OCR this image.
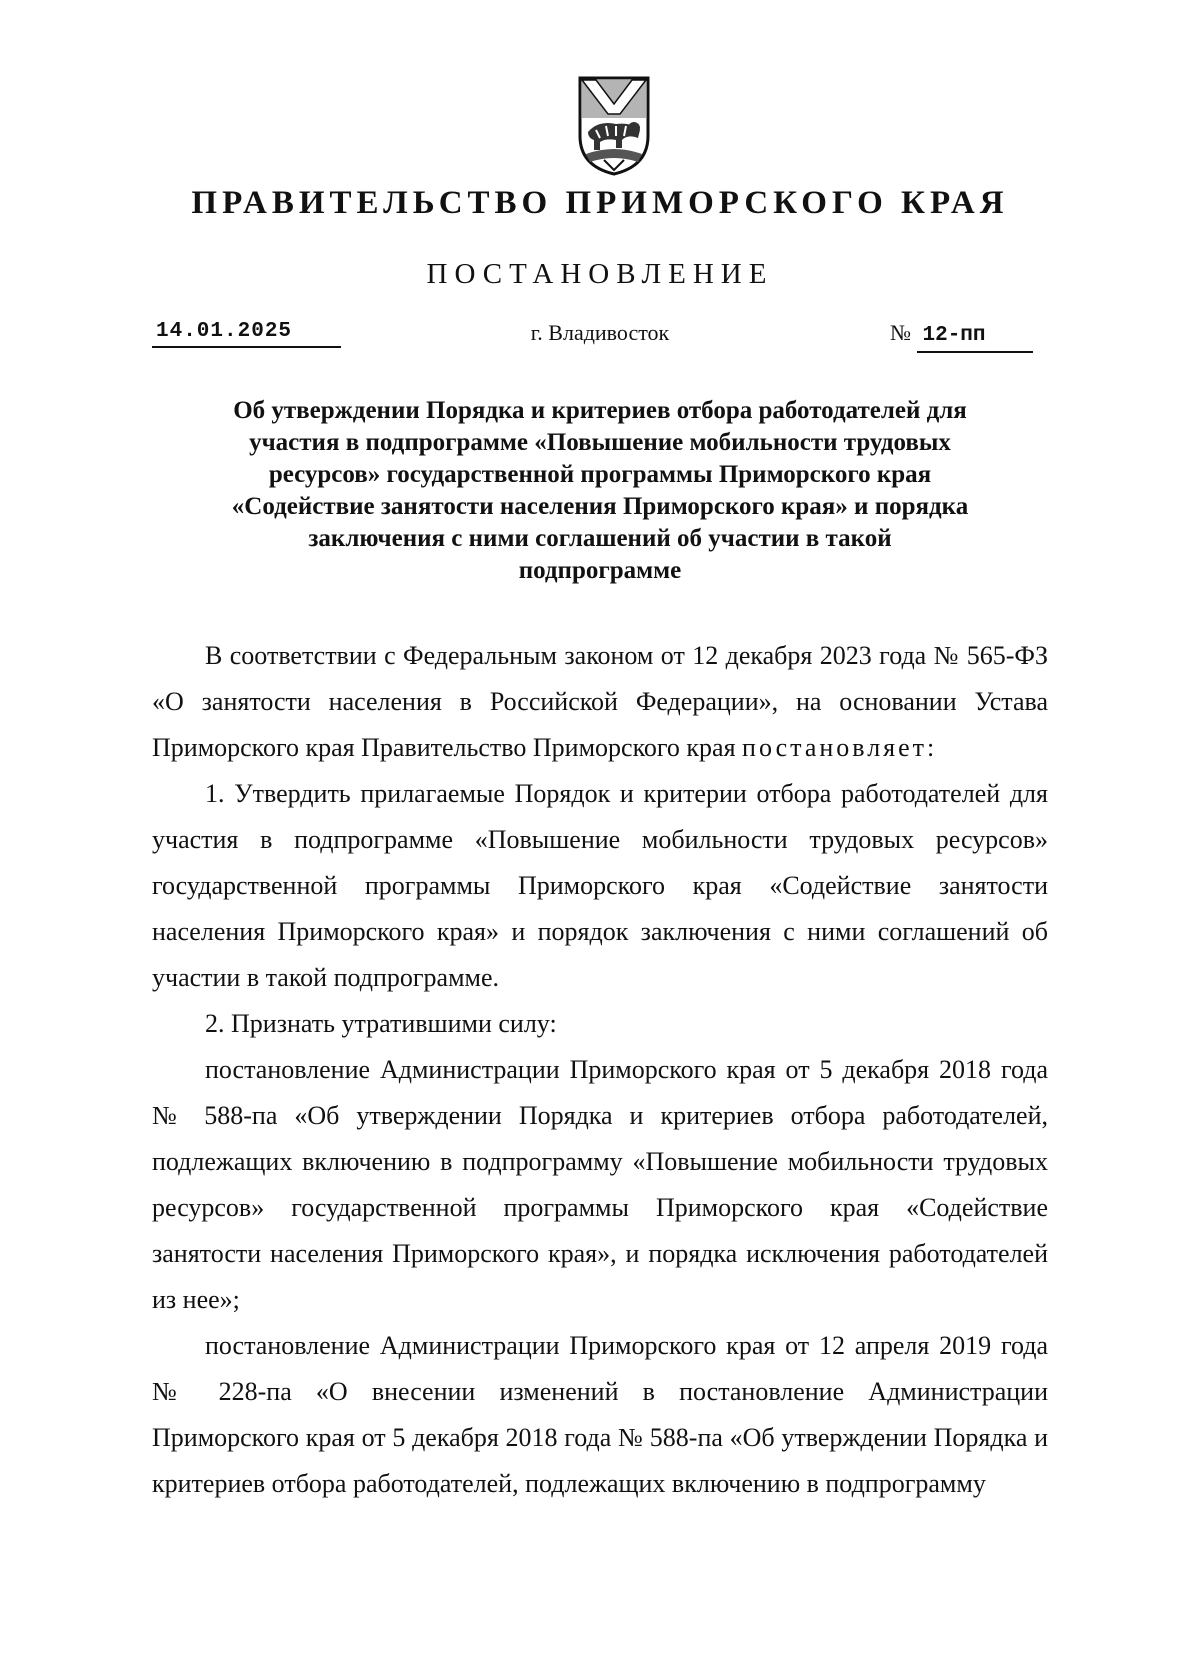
ПРАВИТЕЛЬСТВО ПРИМОРСКОГО КРАЯ
ПОСТАНОВЛЕНИЕ
14.01.2025	г. Владивосток	№ 12-пп
Об утверждении Порядка и критериев отбора работодателей для участия в подпрограмме «Повышение мобильности трудовых ресурсов» государственной программы Приморского края «Содействие занятости населения Приморского края» и порядка заключения с ними соглашений об участии в такой подпрограмме

В соответствии с Федеральным законом от 12 декабря 2023 года № 565-ФЗ «О занятости населения в Российской Федерации», на основании Устава Приморского края Правительство Приморского края постановляет:

1. Утвердить прилагаемые Порядок и критерии отбора работодателей для участия в подпрограмме «Повышение мобильности трудовых ресурсов» государственной программы Приморского края «Содействие занятости населения Приморского края» и порядок заключения с ними соглашений об участии в такой подпрограмме.

2. Признать утратившими силу:

постановление Администрации Приморского края от 5 декабря 2018 года № 588-па «Об утверждении Порядка и критериев отбора работодателей, подлежащих включению в подпрограмму «Повышение мобильности трудовых ресурсов» государственной программы Приморского края «Содействие занятости населения Приморского края», и порядка исключения работодателей из нее»;

постановление Администрации Приморского края от 12 апреля 2019 года № 228-па «О внесении изменений в постановление Администрации Приморского края от 5 декабря 2018 года № 588-па «Об утверждении Порядка и критериев отбора работодателей, подлежащих включению в подпрограмму
